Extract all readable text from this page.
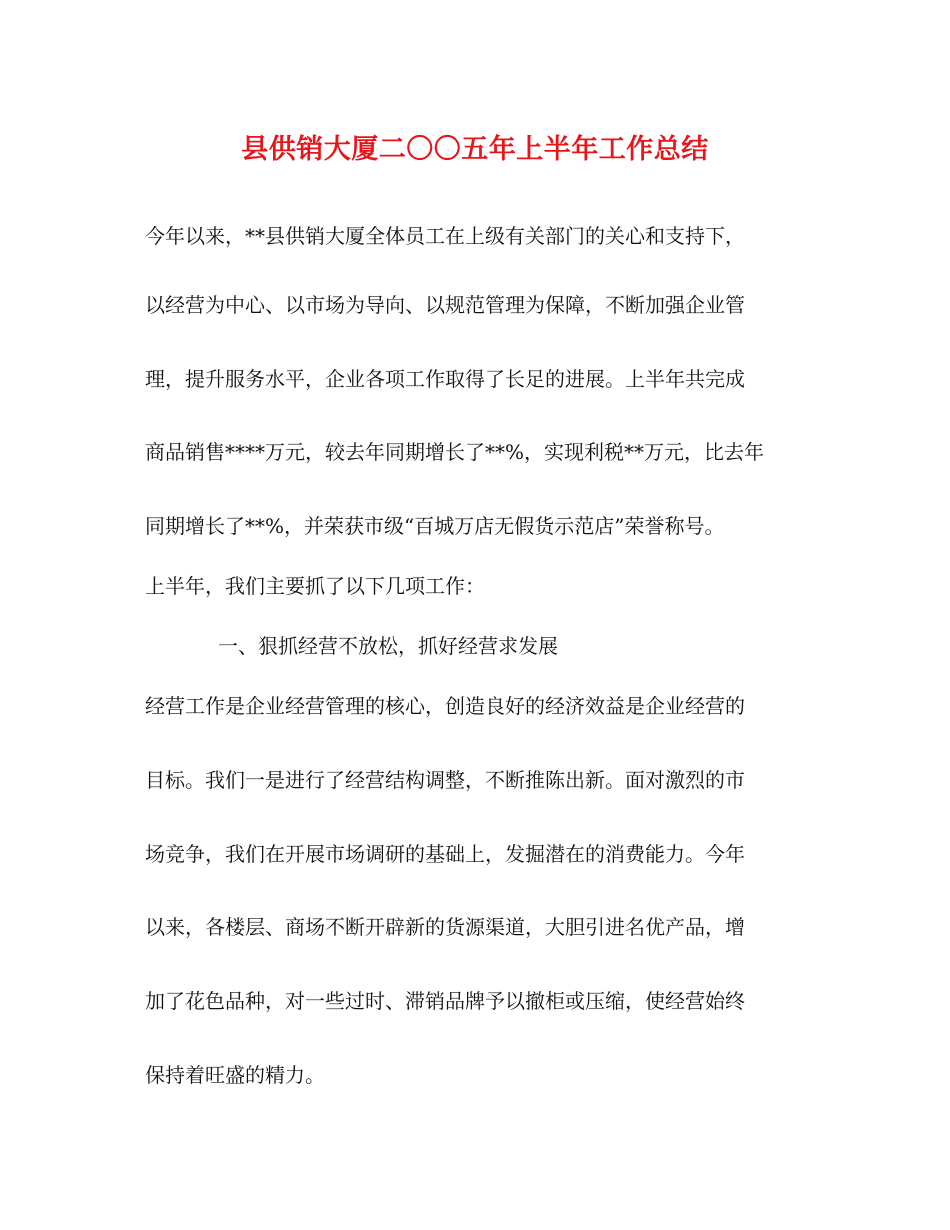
县供销大厦二〇〇五年上半年工作总结
今年以来，**县供销大厦全体员工在上级有关部门的关心和支持下，
以经营为中心、以市场为导向、以规范管理为保障，不断加强企业管
理，提升服务水平，企业各项工作取得了长足的进展。上半年共完成
商品销售****万元，较去年同期增长了**%，实现利税**万元，比去年
同期增长了**%，并荣获市级“百城万店无假货示范店”荣誉称号。
上半年，我们主要抓了以下几项工作：
一、狠抓经营不放松，抓好经营求发展
经营工作是企业经营管理的核心，创造良好的经济效益是企业经营的
目标。我们一是进行了经营结构调整，不断推陈出新。面对激烈的市
场竞争，我们在开展市场调研的基础上，发掘潜在的消费能力。今年
以来，各楼层、商场不断开辟新的货源渠道，大胆引进名优产品，增
加了花色品种，对一些过时、滞销品牌予以撤柜或压缩，使经营始终
保持着旺盛的精力。
